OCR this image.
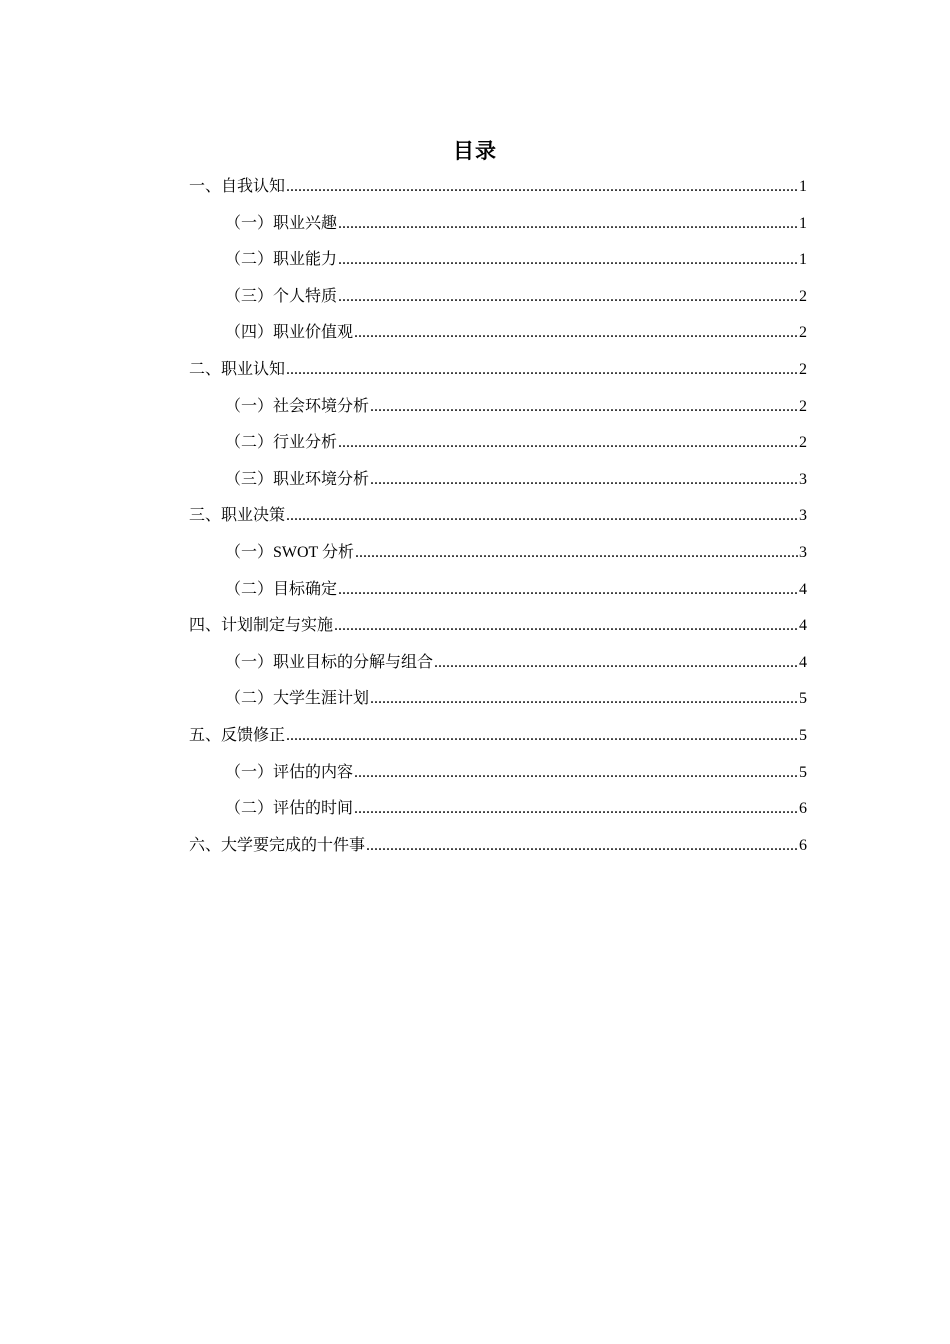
目录
一、自我认知 .....	1
（一）职业兴趣 .....	1
（二）职业能力 .....	1
（三）个人特质 .....	2
（四）职业价值观 .....	2
二、职业认知 .....	2
（一）社会环境分析 .....	2
（二）行业分析 .....	2
（三）职业环境分析 .....	3
三、职业决策 .....	3
（一）SWOT 分析 .....	3
（二）目标确定 .....	4
四、计划制定与实施 .....	4
（一）职业目标的分解与组合 .....	4
（二）大学生涯计划 .....	5
五、反馈修正 .....	5
（一）评估的内容 .....	5
（二）评估的时间 .....	6
六、大学要完成的十件事 .....	6
